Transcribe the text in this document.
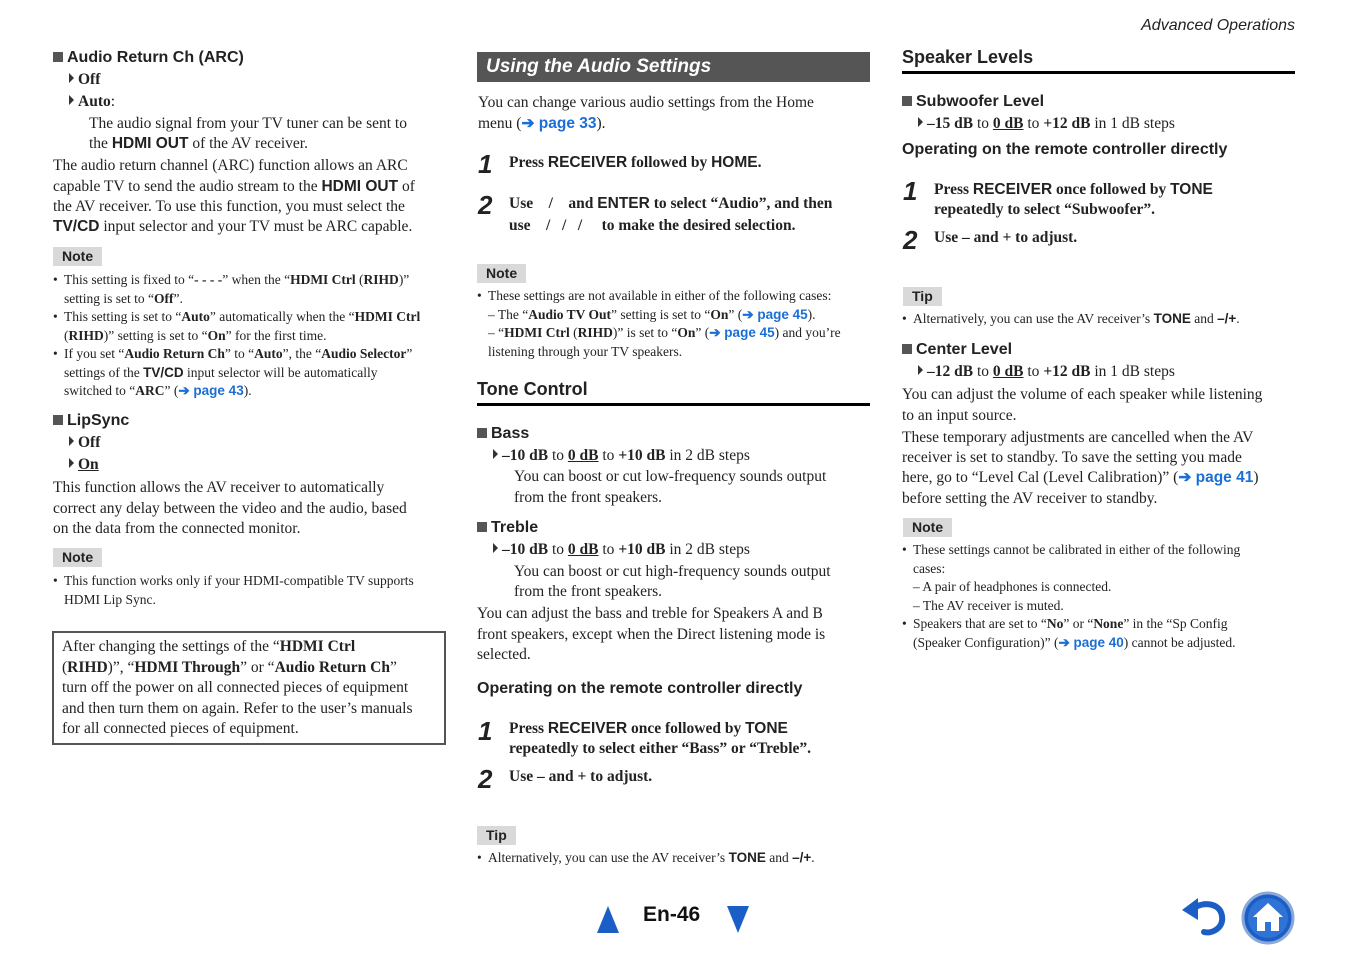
Advanced Operations
Audio Return Ch (ARC)
Off
Auto:
The audio signal from your TV tuner can be sent to
the HDMI OUT of the AV receiver.
The audio return channel (ARC) function allows an ARC
capable TV to send the audio stream to the HDMI OUT of
the AV receiver. To use this function, you must select the
TV/CD input selector and your TV must be ARC capable.
Note
• This setting is fixed to “- - - -” when the “HDMI Ctrl (RIHD)”
setting is set to “Off”.
• This setting is set to “Auto” automatically when the “HDMI Ctrl
(RIHD)” setting is set to “On” for the first time.
• If you set “Audio Return Ch” to “Auto”, the “Audio Selector”
settings of the TV/CD input selector will be automatically
switched to “ARC” (➔ page 43).
LipSync
Off
On
This function allows the AV receiver to automatically
correct any delay between the video and the audio, based
on the data from the connected monitor.
Note
• This function works only if your HDMI-compatible TV supports
HDMI Lip Sync.
After changing the settings of the “HDMI Ctrl
(RIHD)”, “HDMI Through” or “Audio Return Ch”
turn off the power on all connected pieces of equipment
and then turn them on again. Refer to the user’s manuals
for all connected pieces of equipment.
Using the Audio Settings
You can change various audio settings from the Home
menu (➔ page 33).
1 Press RECEIVER followed by HOME.
2 Use    /    and ENTER to select “Audio”, and then
use    /   /   /     to make the desired selection.
Note
• These settings are not available in either of the following cases:
– The “Audio TV Out” setting is set to “On” (➔ page 45).
– “HDMI Ctrl (RIHD)” is set to “On” (➔ page 45) and you’re
listening through your TV speakers.
Tone Control
Bass
–10 dB to 0 dB to +10 dB in 2 dB steps
You can boost or cut low-frequency sounds output
from the front speakers.
Treble
–10 dB to 0 dB to +10 dB in 2 dB steps
You can boost or cut high-frequency sounds output
from the front speakers.
You can adjust the bass and treble for Speakers A and B
front speakers, except when the Direct listening mode is
selected.
Operating on the remote controller directly
1 Press RECEIVER once followed by TONE
repeatedly to select either “Bass” or “Treble”.
2 Use – and + to adjust.
Tip
• Alternatively, you can use the AV receiver’s TONE and –/+.
Speaker Levels
Subwoofer Level
–15 dB to 0 dB to +12 dB in 1 dB steps
Operating on the remote controller directly
1 Press RECEIVER once followed by TONE
repeatedly to select “Subwoofer”.
2 Use – and + to adjust.
Tip
• Alternatively, you can use the AV receiver’s TONE and –/+.
Center Level
–12 dB to 0 dB to +12 dB in 1 dB steps
You can adjust the volume of each speaker while listening
to an input source.
These temporary adjustments are cancelled when the AV
receiver is set to standby. To save the setting you made
here, go to “Level Cal (Level Calibration)” (➔ page 41)
before setting the AV receiver to standby.
Note
• These settings cannot be calibrated in either of the following
cases:
– A pair of headphones is connected.
– The AV receiver is muted.
• Speakers that are set to “No” or “None” in the “Sp Config
(Speaker Configuration)” (➔ page 40) cannot be adjusted.
En-46
